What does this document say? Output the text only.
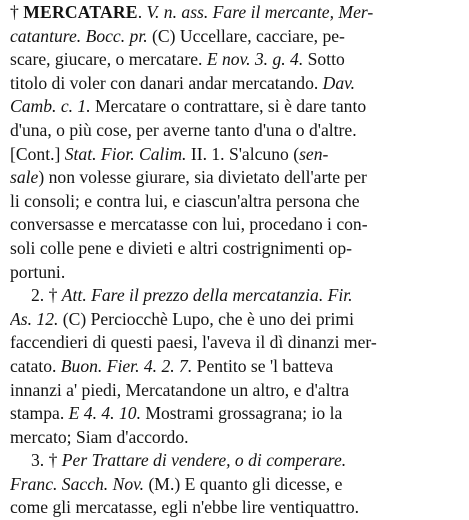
† MERCATARE. V. n. ass. Fare il mercante, Mer-
catanture. Bocc. pr. (C) Uccellare, cacciare, pe-
scare, giucare, o mercatare. E nov. 3. g. 4. Sotto
titolo di voler con danari andar mercatando. Dav.
Camb. c. 1. Mercatare o contrattare, si è dare tanto
d'una, o più cose, per averne tanto d'una o d'altre.
[Cont.] Stat. Fior. Calim. II. 1. S'alcuno (sen-
sale) non volesse giurare, sia divietato dell'arte per
li consoli; e contra lui, e ciascun'altra persona che
conversasse e mercatasse con lui, procedano i con-
soli colle pene e divieti e altri costrignimenti op-
portuni.
2. † Att. Fare il prezzo della mercatanzia. Fir.
As. 12. (C) Perciocchè Lupo, che è uno dei primi
faccendieri di questi paesi, l'aveva il dì dinanzi mer-
catato. Buon. Fier. 4. 2. 7. Pentito se 'l batteva
innanzi a' piedi, Mercatandone un altro, e d'altra
stampa. E 4. 4. 10. Mostrami grossagrana; io la
mercato; Siam d'accordo.
3. † Per Trattare di vendere, o di comperare.
Franc. Sacch. Nov. (M.) E quanto gli dicesse, e
come gli mercatasse, egli n'ebbe lire ventiquattro.
